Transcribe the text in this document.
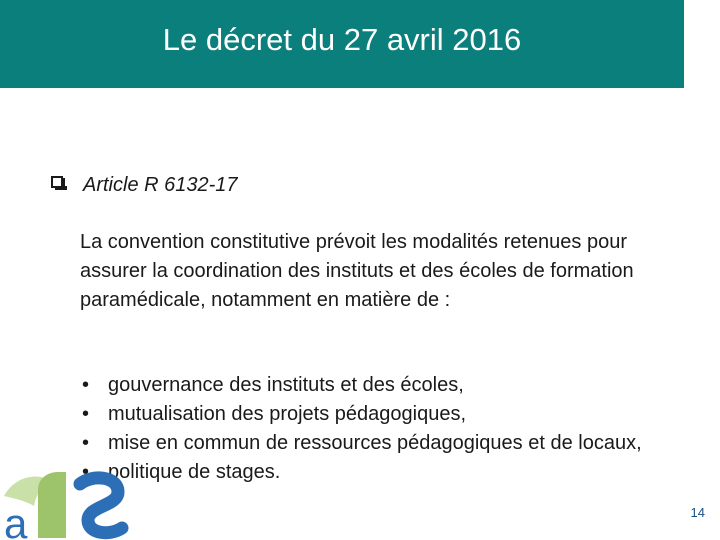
Le décret du 27 avril 2016
Article R 6132-17
La convention constitutive prévoit les modalités retenues pour assurer la coordination des instituts et des écoles de formation paramédicale, notamment en matière de :
• gouvernance des instituts et des écoles,
• mutualisation des projets pédagogiques,
• mise en commun de ressources pédagogiques et de locaux,
• politique de stages.
a	14
